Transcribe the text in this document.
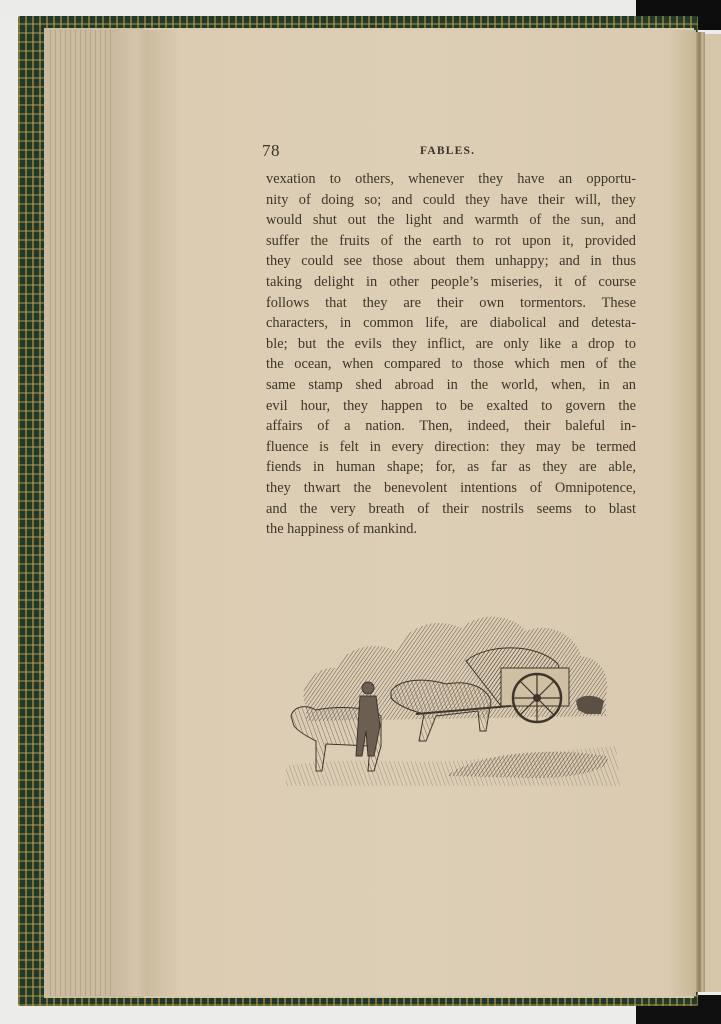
78	FABLES.
vexation to others, whenever they have an opportu-
nity of doing so; and could they have their will, they
would shut out the light and warmth of the sun, and
suffer the fruits of the earth to rot upon it, provided
they could see those about them unhappy; and in thus
taking delight in other people’s miseries, it of course
follows that they are their own tormentors. These
characters, in common life, are diabolical and detesta-
ble; but the evils they inflict, are only like a drop to
the ocean, when compared to those which men of the
same stamp shed abroad in the world, when, in an
evil hour, they happen to be exalted to govern the
affairs of a nation. Then, indeed, their baleful in-
fluence is felt in every direction: they may be termed
fiends in human shape; for, as far as they are able,
they thwart the benevolent intentions of Omnipotence,
and the very breath of their nostrils seems to blast
the happiness of mankind.
